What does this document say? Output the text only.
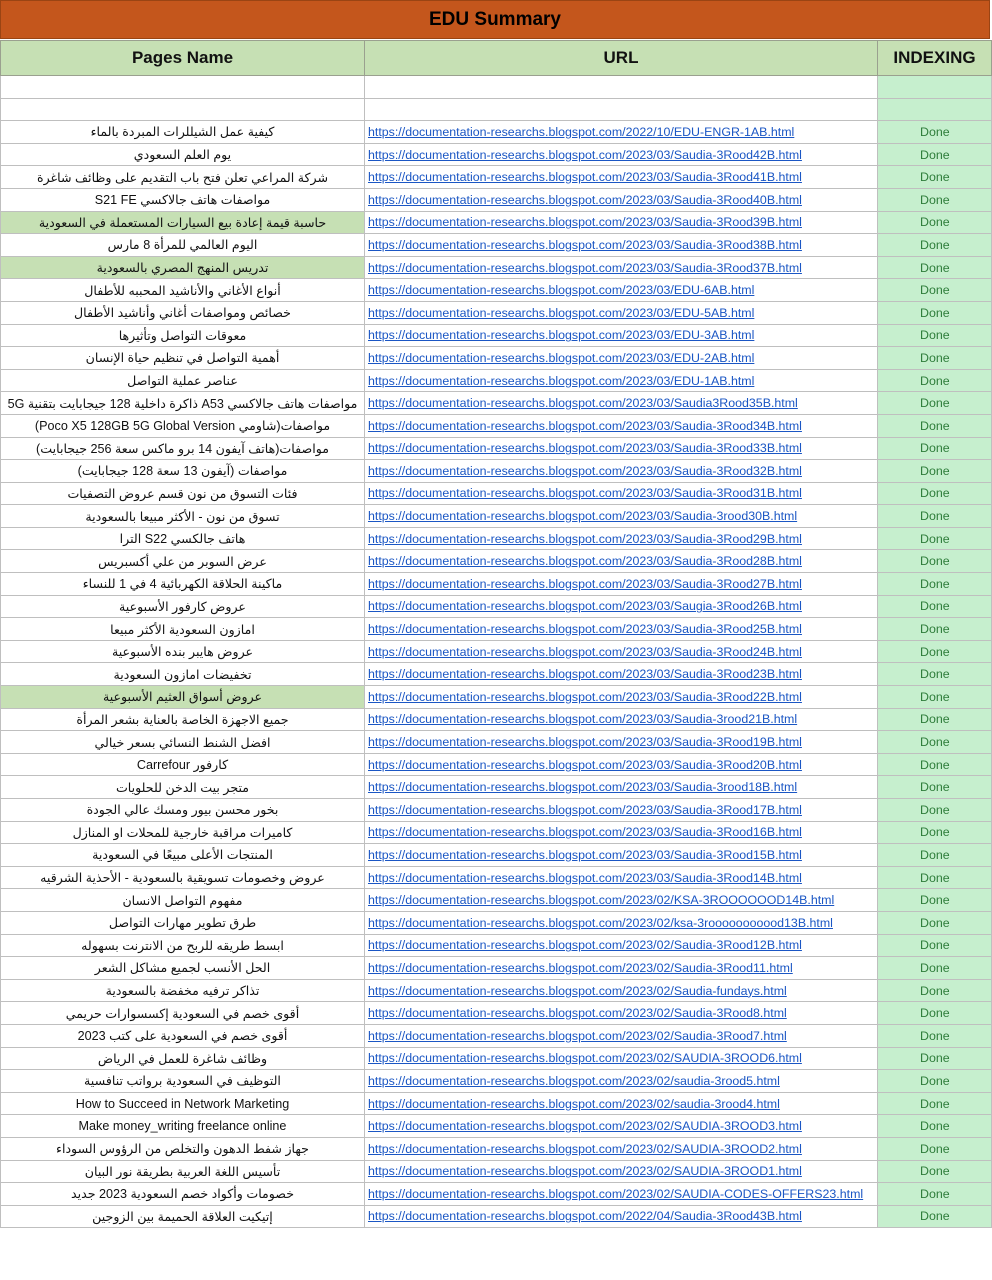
EDU Summary
Pages Name	URL	INDEXING

كيفية عمل الشيللرات المبردة بالماء	https://documentation-researchs.blogspot.com/2022/10/EDU-ENGR-1AB.html	Done
يوم العلم السعودي	https://documentation-researchs.blogspot.com/2023/03/Saudia-3Rood42B.html	Done
شركة المراعي تعلن فتح باب التقديم على وظائف شاغرة	https://documentation-researchs.blogspot.com/2023/03/Saudia-3Rood41B.html	Done
مواصفات هاتف جالاكسي S21 FE	https://documentation-researchs.blogspot.com/2023/03/Saudia-3Rood40B.html	Done
حاسبة قيمة إعادة بيع السيارات المستعملة في السعودية	https://documentation-researchs.blogspot.com/2023/03/Saudia-3Rood39B.html	Done
اليوم العالمي للمرأة 8 مارس	https://documentation-researchs.blogspot.com/2023/03/Saudia-3Rood38B.html	Done
تدريس المنهج المصري بالسعودية	https://documentation-researchs.blogspot.com/2023/03/Saudia-3Rood37B.html	Done
أنواع الأغاني والأناشيد المحببه للأطفال	https://documentation-researchs.blogspot.com/2023/03/EDU-6AB.html	Done
خصائص ومواصفات أغاني وأناشيد الأطفال	https://documentation-researchs.blogspot.com/2023/03/EDU-5AB.html	Done
معوقات التواصل وتأثيرها	https://documentation-researchs.blogspot.com/2023/03/EDU-3AB.html	Done
أهمية التواصل في تنظيم حياة الإنسان	https://documentation-researchs.blogspot.com/2023/03/EDU-2AB.html	Done
عناصر عملية التواصل	https://documentation-researchs.blogspot.com/2023/03/EDU-1AB.html	Done
مواصفات هاتف جالاكسي A53 ذاكرة داخلية 128 جيجابايت بتقنية 5G	https://documentation-researchs.blogspot.com/2023/03/Saudia3Rood35B.html	Done
مواصفات(شاومي Poco X5 128GB 5G Global Version)	https://documentation-researchs.blogspot.com/2023/03/Saudia-3Rood34B.html	Done
مواصفات(هاتف آيفون 14 برو ماكس سعة 256 جيجابايت)	https://documentation-researchs.blogspot.com/2023/03/Saudia-3Rood33B.html	Done
مواصفات (آيفون 13 سعة 128 جيجابايت)	https://documentation-researchs.blogspot.com/2023/03/Saudia-3Rood32B.html	Done
فئات التسوق من نون قسم عروض التصفيات	https://documentation-researchs.blogspot.com/2023/03/Saudia-3Rood31B.html	Done
تسوق من نون - الأكثر مبيعا بالسعودية	https://documentation-researchs.blogspot.com/2023/03/Saudia-3rood30B.html	Done
هاتف جالكسي S22 الترا	https://documentation-researchs.blogspot.com/2023/03/Saudia-3Rood29B.html	Done
عرض السوبر من علي أكسبريس	https://documentation-researchs.blogspot.com/2023/03/Saudia-3Rood28B.html	Done
ماكينة الحلاقة الكهربائية 4 في 1 للنساء	https://documentation-researchs.blogspot.com/2023/03/Saudia-3Rood27B.html	Done
عروض كارفور الأسبوعية	https://documentation-researchs.blogspot.com/2023/03/Saugia-3Rood26B.html	Done
امازون السعودية الأكثر مبيعا	https://documentation-researchs.blogspot.com/2023/03/Saudia-3Rood25B.html	Done
عروض هايبر بنده الأسبوعية	https://documentation-researchs.blogspot.com/2023/03/Saudia-3Rood24B.html	Done
تخفيضات امازون السعودية	https://documentation-researchs.blogspot.com/2023/03/Saudia-3Rood23B.html	Done
عروض أسواق العثيم الأسبوعية	https://documentation-researchs.blogspot.com/2023/03/Saudia-3Rood22B.html	Done
جميع الاجهزة الخاصة بالعناية بشعر المرأة	https://documentation-researchs.blogspot.com/2023/03/Saudia-3rood21B.html	Done
افضل الشنط النسائي بسعر خيالي	https://documentation-researchs.blogspot.com/2023/03/Saudia-3Rood19B.html	Done
كارفور Carrefour	https://documentation-researchs.blogspot.com/2023/03/Saudia-3Rood20B.html	Done
متجر بيت الدخن للحلويات	https://documentation-researchs.blogspot.com/2023/03/Saudia-3rood18B.html	Done
بخور محسن بيور ومسك عالي الجودة	https://documentation-researchs.blogspot.com/2023/03/Saudia-3Rood17B.html	Done
كاميرات مراقبة خارجية للمحلات او المنازل	https://documentation-researchs.blogspot.com/2023/03/Saudia-3Rood16B.html	Done
المنتجات الأعلى مبيعًا في السعودية	https://documentation-researchs.blogspot.com/2023/03/Saudia-3Rood15B.html	Done
عروض وخصومات تسويقية بالسعودية - الأحذية الشرقيه	https://documentation-researchs.blogspot.com/2023/03/Saudia-3Rood14B.html	Done
مفهوم التواصل الانسان	https://documentation-researchs.blogspot.com/2023/02/KSA-3ROOOOOOD14B.html	Done
طرق تطوير مهارات التواصل	https://documentation-researchs.blogspot.com/2023/02/ksa-3rooooooooood13B.html	Done
ابسط طريقه للربح من الانترنت بسهوله	https://documentation-researchs.blogspot.com/2023/02/Saudia-3Rood12B.html	Done
الحل الأنسب لجميع مشاكل الشعر	https://documentation-researchs.blogspot.com/2023/02/Saudia-3Rood11.html	Done
تذاكر ترفيه مخفضة بالسعودية	https://documentation-researchs.blogspot.com/2023/02/Saudia-fundays.html	Done
أقوى خصم في السعودية إكسسوارات حريمي	https://documentation-researchs.blogspot.com/2023/02/Saudia-3Rood8.html	Done
أقوى خصم في السعودية على كتب 2023	https://documentation-researchs.blogspot.com/2023/02/Saudia-3Rood7.html	Done
وظائف شاغرة للعمل في الرياض	https://documentation-researchs.blogspot.com/2023/02/SAUDIA-3ROOD6.html	Done
التوظيف في السعودية برواتب تنافسية	https://documentation-researchs.blogspot.com/2023/02/saudia-3rood5.html	Done
How to Succeed in Network Marketing	https://documentation-researchs.blogspot.com/2023/02/saudia-3rood4.html	Done
Make money_writing freelance online	https://documentation-researchs.blogspot.com/2023/02/SAUDIA-3ROOD3.html	Done
جهاز شفط الدهون والتخلص من الرؤوس السوداء	https://documentation-researchs.blogspot.com/2023/02/SAUDIA-3ROOD2.html	Done
تأسيس اللغة العربية بطريقة نور البيان	https://documentation-researchs.blogspot.com/2023/02/SAUDIA-3ROOD1.html	Done
خصومات وأكواد خصم السعودية 2023 جديد	https://documentation-researchs.blogspot.com/2023/02/SAUDIA-CODES-OFFERS23.html	Done
إتيكيت العلاقة الحميمة بين الزوجين	https://documentation-researchs.blogspot.com/2022/04/Saudia-3Rood43B.html	Done
